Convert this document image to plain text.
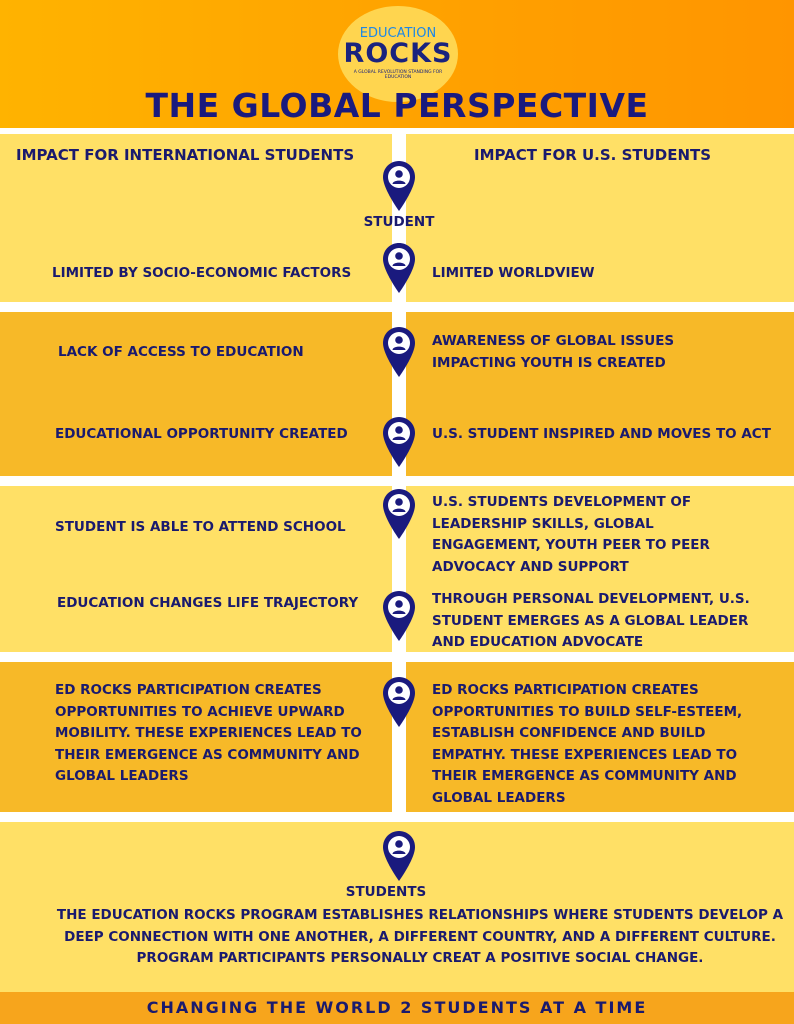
EDUCATION
ROCKS
A GLOBAL REVOLUTION STANDING FOR EDUCATION
THE GLOBAL PERSPECTIVE
IMPACT FOR INTERNATIONAL STUDENTS	IMPACT FOR U.S. STUDENTS
STUDENT
LIMITED BY SOCIO-ECONOMIC FACTORS
LACK OF ACCESS TO EDUCATION
EDUCATIONAL OPPORTUNITY CREATED
STUDENT IS ABLE TO ATTEND SCHOOL
EDUCATION CHANGES LIFE TRAJECTORY
ED ROCKS PARTICIPATION CREATES OPPORTUNITIES TO ACHIEVE UPWARD MOBILITY. THESE EXPERIENCES LEAD TO THEIR EMERGENCE AS COMMUNITY AND GLOBAL LEADERS
LIMITED WORLDVIEW
AWARENESS OF GLOBAL ISSUES IMPACTING YOUTH IS CREATED
U.S. STUDENT INSPIRED AND MOVES TO ACT
U.S. STUDENTS DEVELOPMENT OF LEADERSHIP SKILLS, GLOBAL ENGAGEMENT, YOUTH PEER TO PEER ADVOCACY AND SUPPORT
THROUGH PERSONAL DEVELOPMENT, U.S. STUDENT EMERGES AS A GLOBAL LEADER AND EDUCATION ADVOCATE
ED ROCKS PARTICIPATION CREATES OPPORTUNITIES TO BUILD SELF-ESTEEM, ESTABLISH CONFIDENCE AND BUILD EMPATHY. THESE EXPERIENCES LEAD TO THEIR EMERGENCE AS COMMUNITY AND GLOBAL LEADERS
STUDENTS
THE EDUCATION ROCKS PROGRAM ESTABLISHES RELATIONSHIPS WHERE STUDENTS DEVELOP A DEEP CONNECTION WITH ONE ANOTHER, A DIFFERENT COUNTRY, AND A DIFFERENT CULTURE. PROGRAM PARTICIPANTS PERSONALLY CREAT A POSITIVE SOCIAL CHANGE.
CHANGING THE WORLD 2 STUDENTS AT A TIME
